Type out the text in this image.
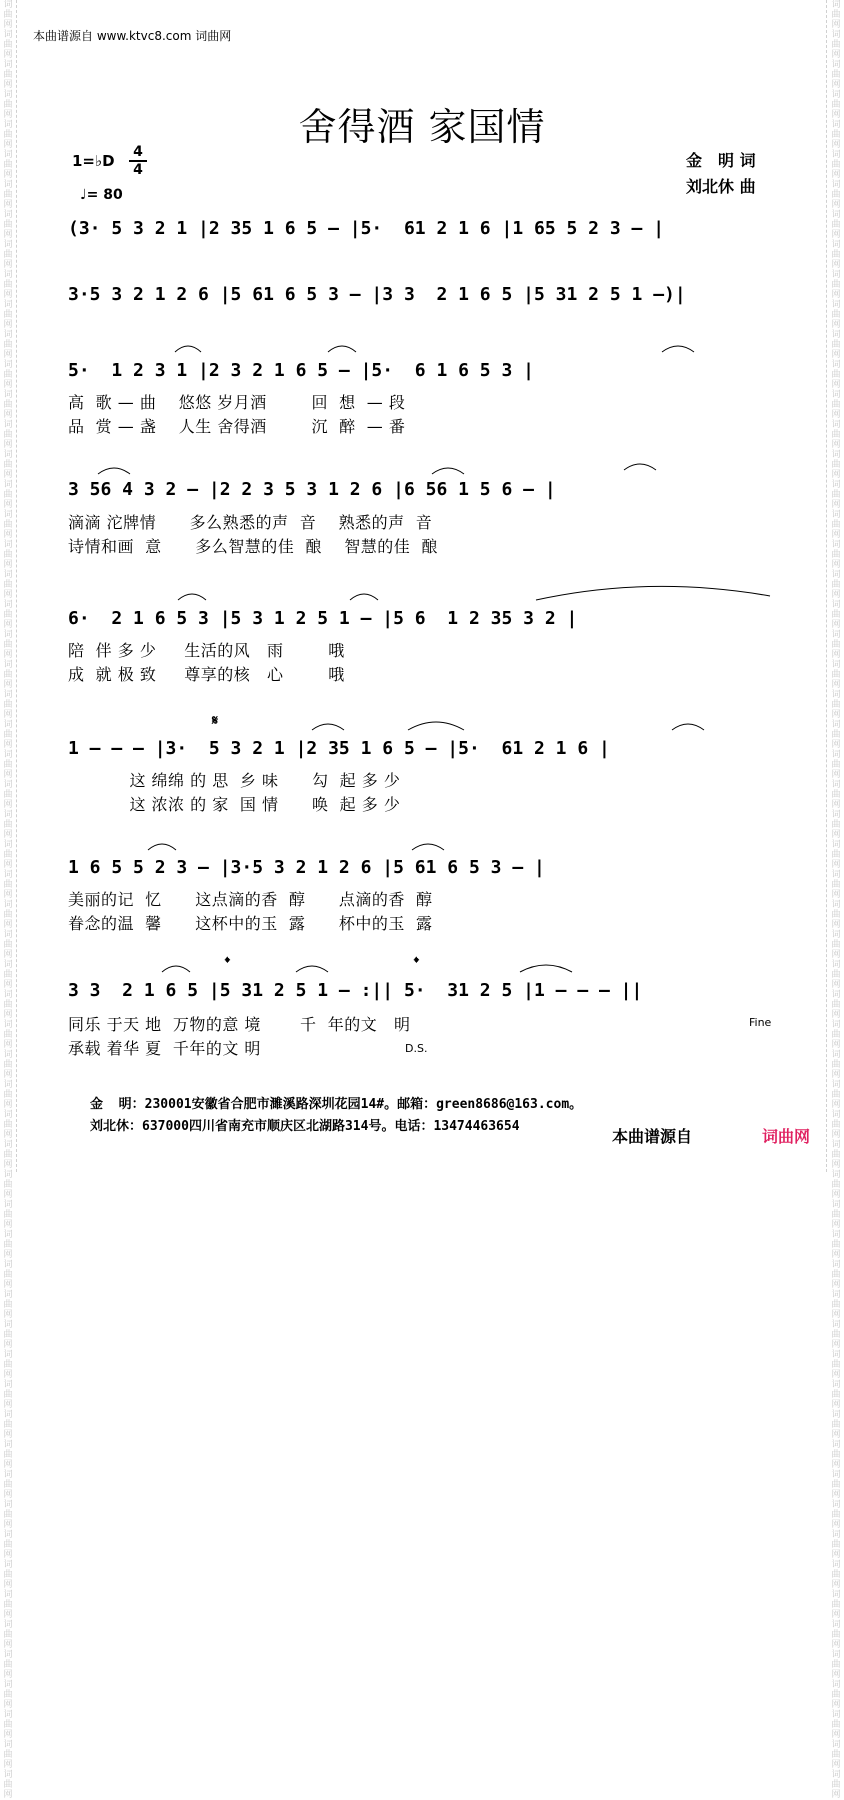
词曲网 词曲网 词曲网 词曲网 词曲网 词曲网 词曲网 词曲网 词曲网 词曲网 词曲网 词曲网 词曲网 词曲网 词曲网 词曲网 词曲网 词曲网 词曲网 词曲网 词曲网 词曲网 词曲网 词曲网 词曲网 词曲网 词曲网 词曲网 词曲网 词曲网 词曲网 词曲网 词曲网 词曲网 词曲网 词曲网 词曲网 词曲网 词曲网 词曲网 词曲网 词曲网 词曲网 词曲网 词曲网 词曲网 词曲网 词曲网 词曲网 词曲网 词曲网 词曲网 词曲网 词曲网 词曲网 词曲网 词曲网 词曲网 词曲网 词曲网
词曲网 词曲网 词曲网 词曲网 词曲网 词曲网 词曲网 词曲网 词曲网 词曲网 词曲网 词曲网 词曲网 词曲网 词曲网 词曲网 词曲网 词曲网 词曲网 词曲网 词曲网 词曲网 词曲网 词曲网 词曲网 词曲网 词曲网 词曲网 词曲网 词曲网 词曲网 词曲网 词曲网 词曲网 词曲网 词曲网 词曲网 词曲网 词曲网 词曲网 词曲网 词曲网 词曲网 词曲网 词曲网 词曲网 词曲网 词曲网 词曲网 词曲网 词曲网 词曲网 词曲网 词曲网 词曲网 词曲网 词曲网 词曲网 词曲网 词曲网
本曲谱源自 www.ktvc8.com 词曲网
舍得酒 家国情
1=♭D 4
4
♩= 80
金　明 词
刘北休 曲
(3· 5 3 2 1 |2 35 1 6 5 – |5·  61 2 1 6 |1 65 5 2 3 – |
3·5 3 2 1 2 6 |5 61 6 5 3 – |3 3  2 1 6 5 |5 31 2 5 1 –)|
5·  1 2 3 1 |2 3 2 1 6 5 – |5·  6 1 6 5 3 |
高  歌 — 曲    悠悠 岁月酒        回  想  — 段
品  赏 — 盏    人生 舍得酒        沉  醉  — 番
3 56 4 3 2 – |2 2 3 5 3 1 2 6 |6 56 1 5 6 – |
滴滴 沱牌情      多么熟悉的声  音    熟悉的声  音
诗情和画  意      多么智慧的佳  酿    智慧的佳  酿
6·  2 1 6 5 3 |5 3 1 2 5 1 – |5 6  1 2 35 3 2 |
陪  伴 多 少     生活的风   雨        哦
成  就 极 致     尊享的核   心        哦
𝄋
1 – – – |3·  5 3 2 1 |2 35 1 6 5 – |5·  61 2 1 6 |
这 绵绵 的 思  乡 味      勾  起 多 少
这 浓浓 的 家  国 情      唤  起 多 少
1 6 5 5 2 3 – |3·5 3 2 1 2 6 |5 61 6 5 3 – |
美丽的记  忆      这点滴的香  醇      点滴的香  醇
眷念的温  馨      这杯中的玉  露      杯中的玉  露
𝄌	𝄌
3 3  2 1 6 5 |5 31 2 5 1 – :|| 5·  31 2 5 |1 – – – ||
同乐 于天 地  万物的意 境       千  年的文   明
承载 着华 夏  千年的文 明	D.S.
Fine
金  明：230001安徽省合肥市濉溪路深圳花园14#。邮箱：green8686@163.com。
刘北休：637000四川省南充市顺庆区北湖路314号。电话：13474463654
本曲谱源自	词曲网
